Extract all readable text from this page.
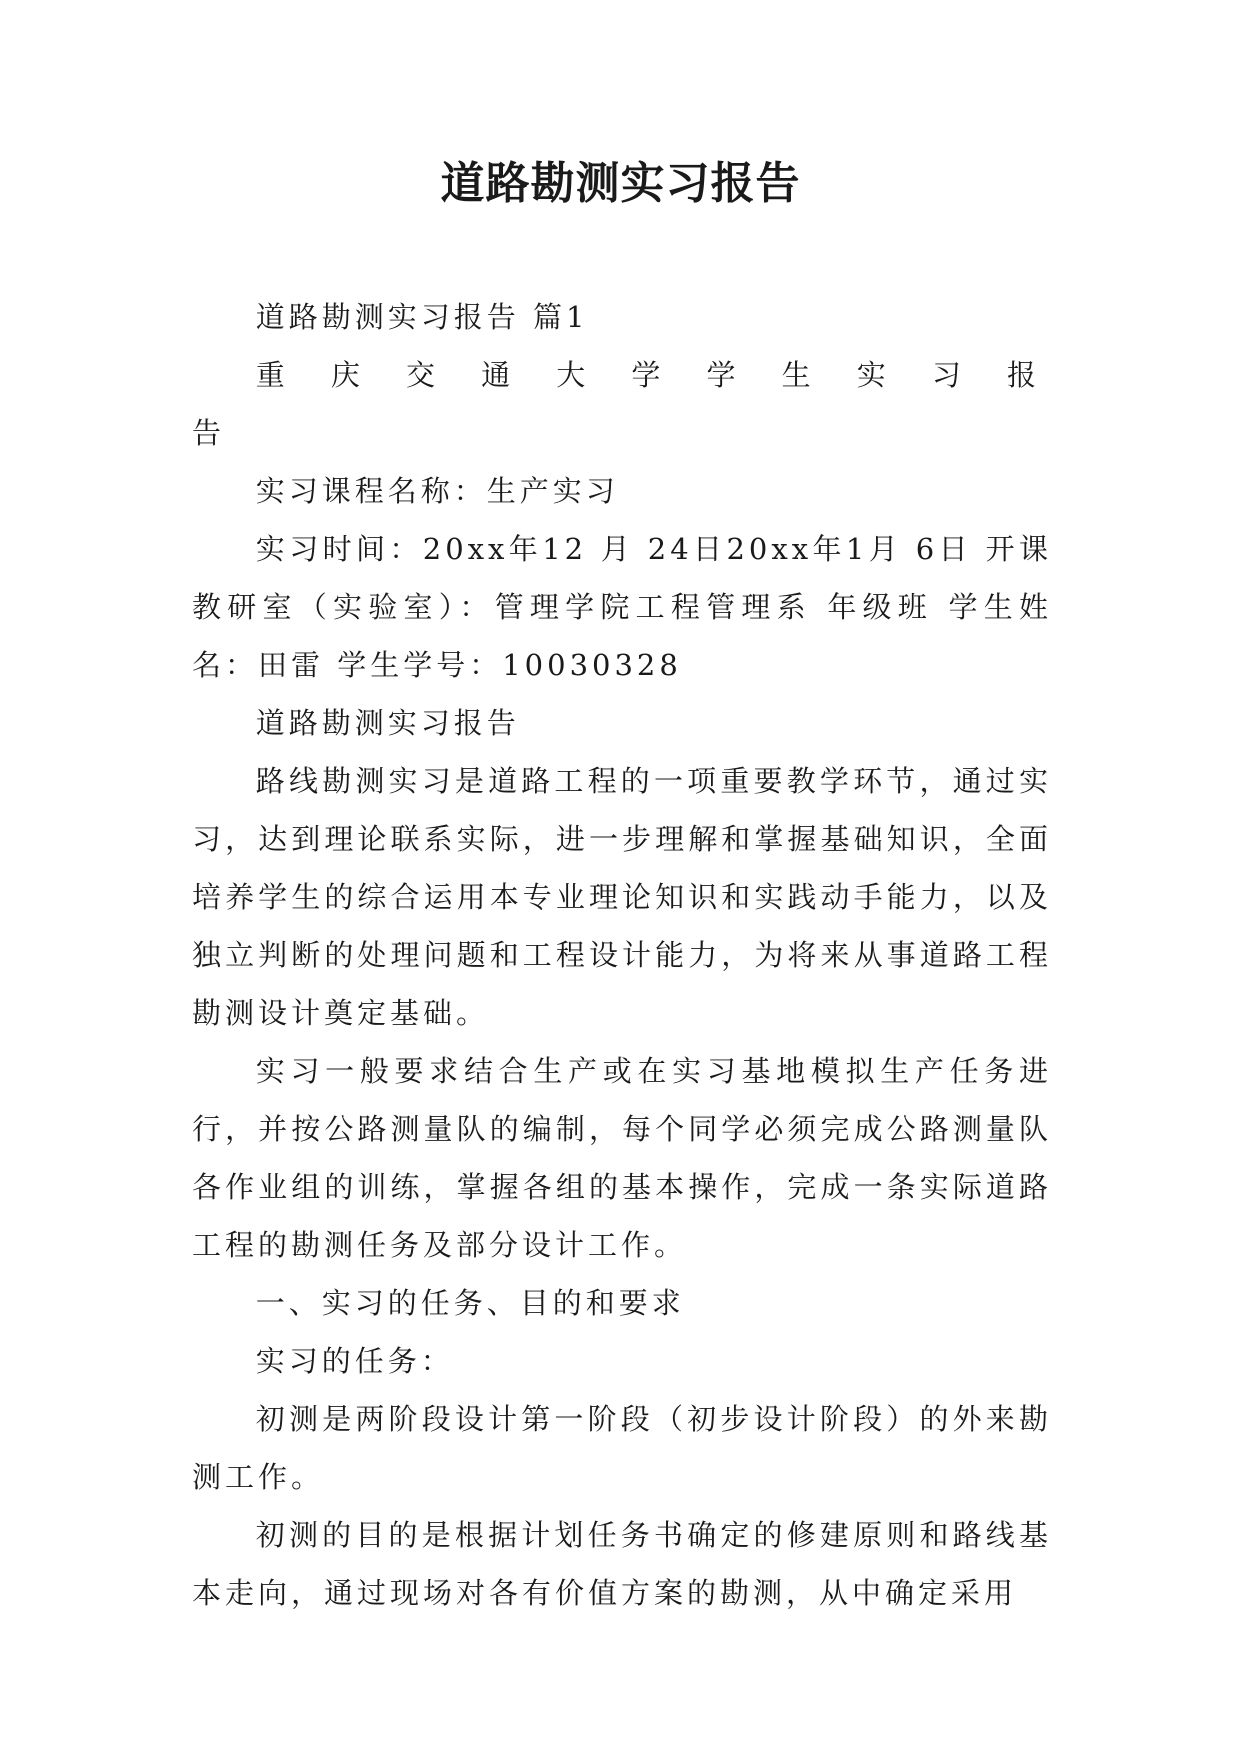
道路勘测实习报告

道路勘测实习报告 篇1

重 庆 交 通 大 学 学 生 实 习 报 告

实习课程名称：生产实习

实习时间：20xx年12 月 24日20xx年1月 6日 开课教研室（实验室）：管理学院工程管理系 年级班 学生姓名：田雷 学生学号：10030328

道路勘测实习报告

路线勘测实习是道路工程的一项重要教学环节，通过实习，达到理论联系实际，进一步理解和掌握基础知识，全面培养学生的综合运用本专业理论知识和实践动手能力，以及独立判断的处理问题和工程设计能力，为将来从事道路工程勘测设计奠定基础。

实习一般要求结合生产或在实习基地模拟生产任务进行，并按公路测量队的编制，每个同学必须完成公路测量队各作业组的训练，掌握各组的基本操作，完成一条实际道路工程的勘测任务及部分设计工作。

一、实习的任务、目的和要求

实习的任务：

初测是两阶段设计第一阶段（初步设计阶段）的外来勘测工作。

初测的目的是根据计划任务书确定的修建原则和路线基本走向，通过现场对各有价值方案的勘测，从中确定采用
